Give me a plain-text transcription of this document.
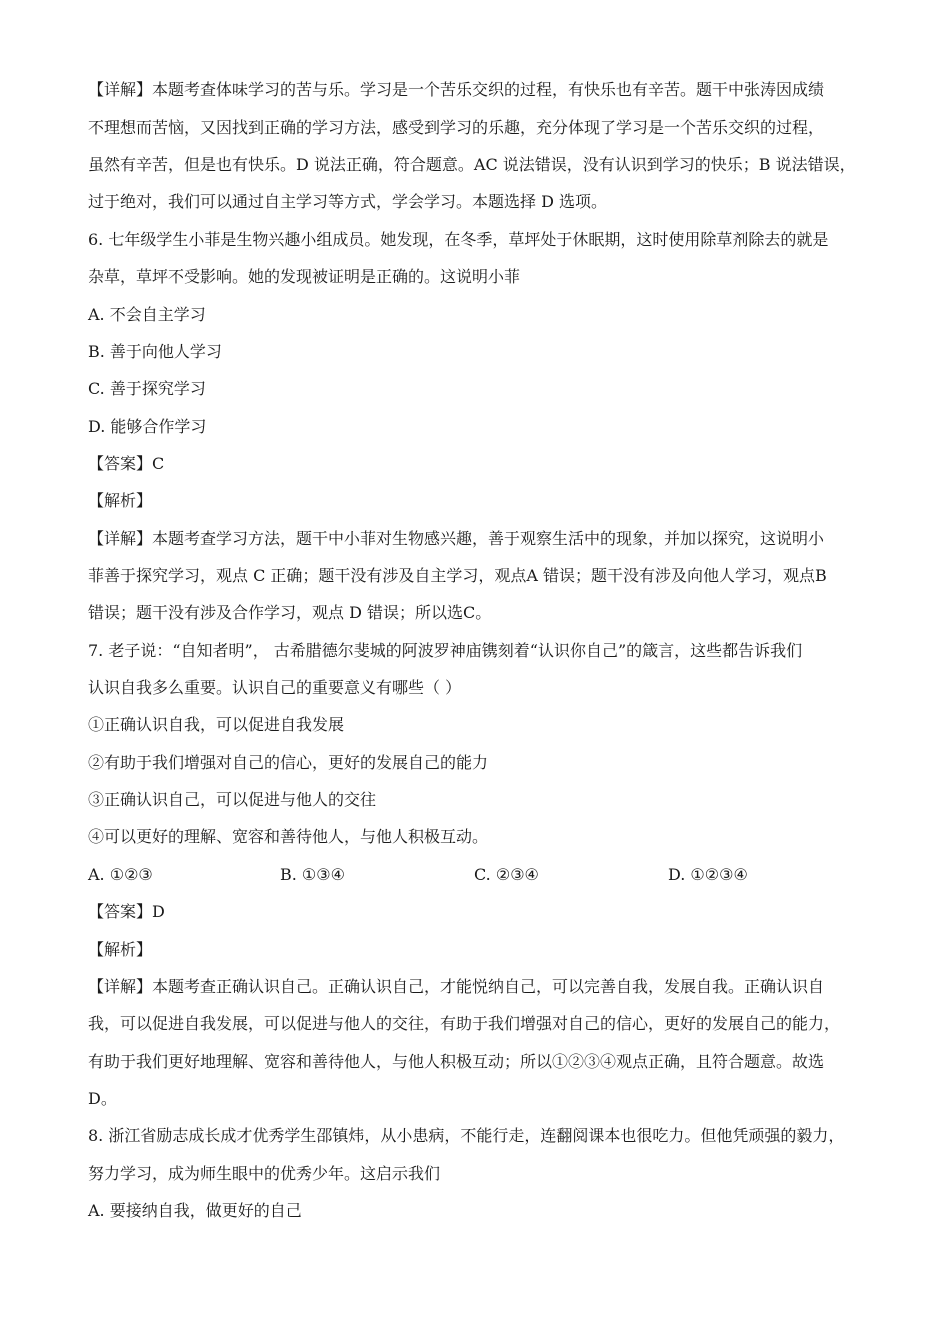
【详解】本题考查体味学习的苦与乐。学习是一个苦乐交织的过程，有快乐也有辛苦。题干中张涛因成绩
不理想而苦恼，又因找到正确的学习方法，感受到学习的乐趣，充分体现了学习是一个苦乐交织的过程，
虽然有辛苦，但是也有快乐。D 说法正确，符合题意。AC 说法错误，没有认识到学习的快乐；B 说法错误，
过于绝对，我们可以通过自主学习等方式，学会学习。本题选择 D 选项。
6. 七年级学生小菲是生物兴趣小组成员。她发现，在冬季，草坪处于休眠期，这时使用除草剂除去的就是
杂草，草坪不受影响。她的发现被证明是正确的。这说明小菲
A. 不会自主学习
B. 善于向他人学习
C. 善于探究学习
D. 能够合作学习
【答案】C
【解析】
【详解】本题考查学习方法，题干中小菲对生物感兴趣，善于观察生活中的现象，并加以探究，这说明小
菲善于探究学习，观点 C 正确；题干没有涉及自主学习，观点A 错误；题干没有涉及向他人学习，观点B
错误；题干没有涉及合作学习，观点 D 错误；所以选C。
7. 老子说：“自知者明”， 古希腊德尔斐城的阿波罗神庙镌刻着“认识你自己”的箴言，这些都告诉我们
认识自我多么重要。认识自己的重要意义有哪些（ ）
①正确认识自我，可以促进自我发展
②有助于我们增强对自己的信心，更好的发展自己的能力
③正确认识自己，可以促进与他人的交往
④可以更好的理解、宽容和善待他人，与他人积极互动。
A. ①②③	B. ①③④	C. ②③④	D. ①②③④
【答案】D
【解析】
【详解】本题考查正确认识自己。正确认识自己，才能悦纳自己，可以完善自我，发展自我。正确认识自
我，可以促进自我发展，可以促进与他人的交往，有助于我们增强对自己的信心，更好的发展自己的能力，
有助于我们更好地理解、宽容和善待他人，与他人积极互动；所以①②③④观点正确，且符合题意。故选
D。
8. 浙江省励志成长成才优秀学生邵镇炜，从小患病，不能行走，连翻阅课本也很吃力。但他凭顽强的毅力，
努力学习，成为师生眼中的优秀少年。这启示我们
A. 要接纳自我，做更好的自己
